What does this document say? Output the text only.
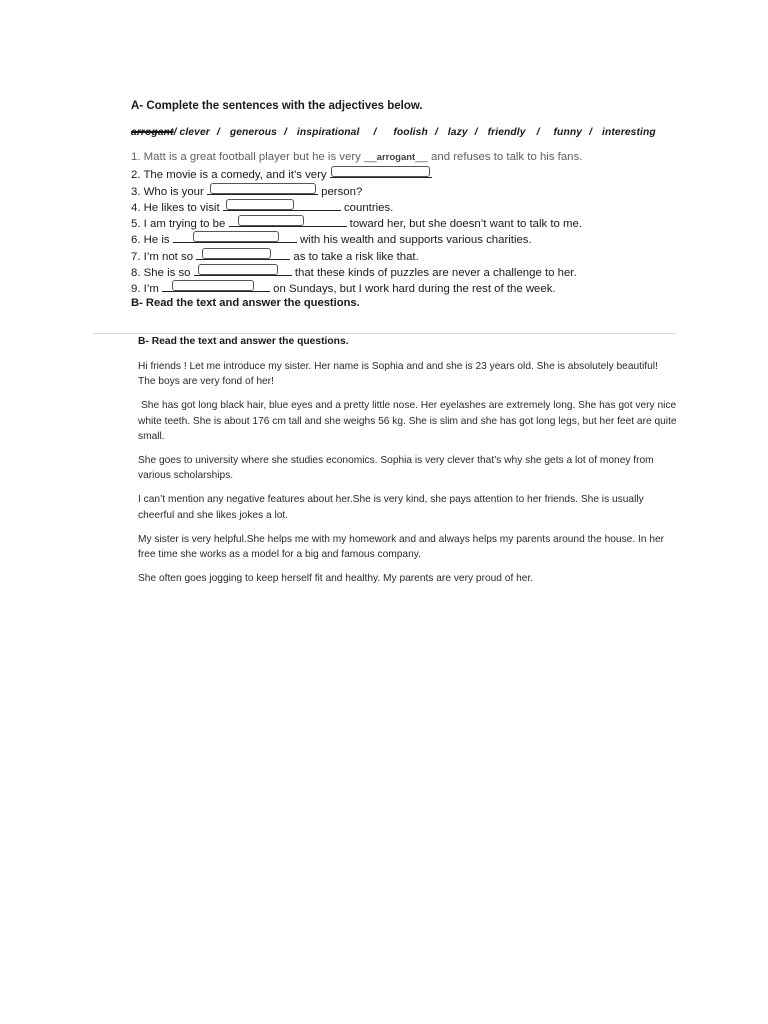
A- Complete the sentences with the adjectives below.
arrogant/ clever / generous / inspirational / foolish / lazy / friendly / funny / interesting
1. Matt is a great football player but he is very __arrogant__ and refuses to talk to his fans.
2. The movie is a comedy, and it’s very
3. Who is your	person?
4. He likes to visit	countries.
5. I am trying to be	toward her, but she doesn’t want to talk to me.
6. He is	with his wealth and supports various charities.
7. I’m not so	as to take a risk like that.
8. She is so	that these kinds of puzzles are never a challenge to her.
9. I’m	on Sundays, but I work hard during the rest of the week.
B- Read the text and answer the questions.
B- Read the text and answer the questions.

Hi friends ! Let me introduce my sister. Her name is Sophia and and she is 23 years old. She is absolutely beautiful! The boys are very fond of her!

She has got long black hair, blue eyes and a pretty little nose. Her eyelashes are extremely long. She has got very nice white teeth. She is about 176 cm tall and she weighs 56 kg. She is slim and she has got long legs, but her feet are quite small.

She goes to university where she studies economics. Sophia is very clever that’s why she gets a lot of money from various scholarships.

I can’t mention any negative features about her.She is very kind, she pays attention to her friends. She is usually cheerful and she likes jokes a lot.

My sister is very helpful.She helps me with my homework and and always helps my parents around the house. In her free time she works as a model for a big and famous company.

She often goes jogging to keep herself fit and healthy. My parents are very proud of her.
